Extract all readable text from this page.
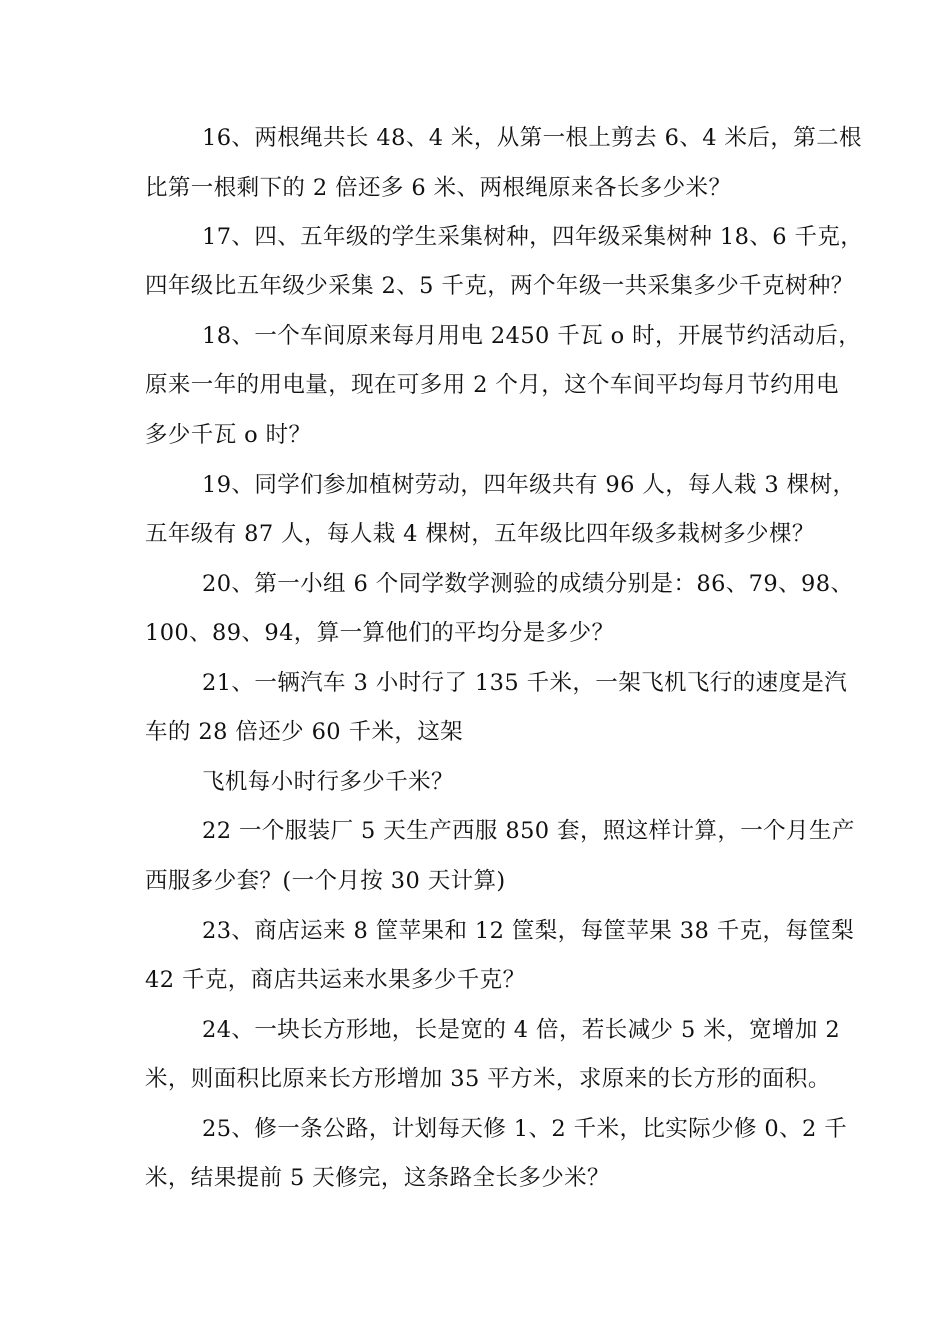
16、两根绳共长 48、4 米，从第一根上剪去 6、4 米后，第二根
比第一根剩下的 2 倍还多 6 米、两根绳原来各长多少米？
17、四、五年级的学生采集树种，四年级采集树种 18、6 千克，
四年级比五年级少采集 2、5 千克，两个年级一共采集多少千克树种？
18、一个车间原来每月用电 2450 千瓦 o 时，开展节约活动后，
原来一年的用电量，现在可多用 2 个月，这个车间平均每月节约用电
多少千瓦 o 时？
19、同学们参加植树劳动，四年级共有 96 人，每人栽 3 棵树，
五年级有 87 人，每人栽 4 棵树，五年级比四年级多栽树多少棵？
20、第一小组 6 个同学数学测验的成绩分别是：86、79、98、
100、89、94，算一算他们的平均分是多少？
21、一辆汽车 3 小时行了 135 千米，一架飞机飞行的速度是汽
车的 28 倍还少 60 千米，这架
飞机每小时行多少千米？
22 一个服装厂 5 天生产西服 850 套，照这样计算，一个月生产
西服多少套？(一个月按 30 天计算)
23、商店运来 8 筐苹果和 12 筐梨，每筐苹果 38 千克，每筐梨
42 千克，商店共运来水果多少千克？
24、一块长方形地，长是宽的 4 倍，若长减少 5 米，宽增加 2
米，则面积比原来长方形增加 35 平方米，求原来的长方形的面积。
25、修一条公路，计划每天修 1、2 千米，比实际少修 0、2 千
米，结果提前 5 天修完，这条路全长多少米？
